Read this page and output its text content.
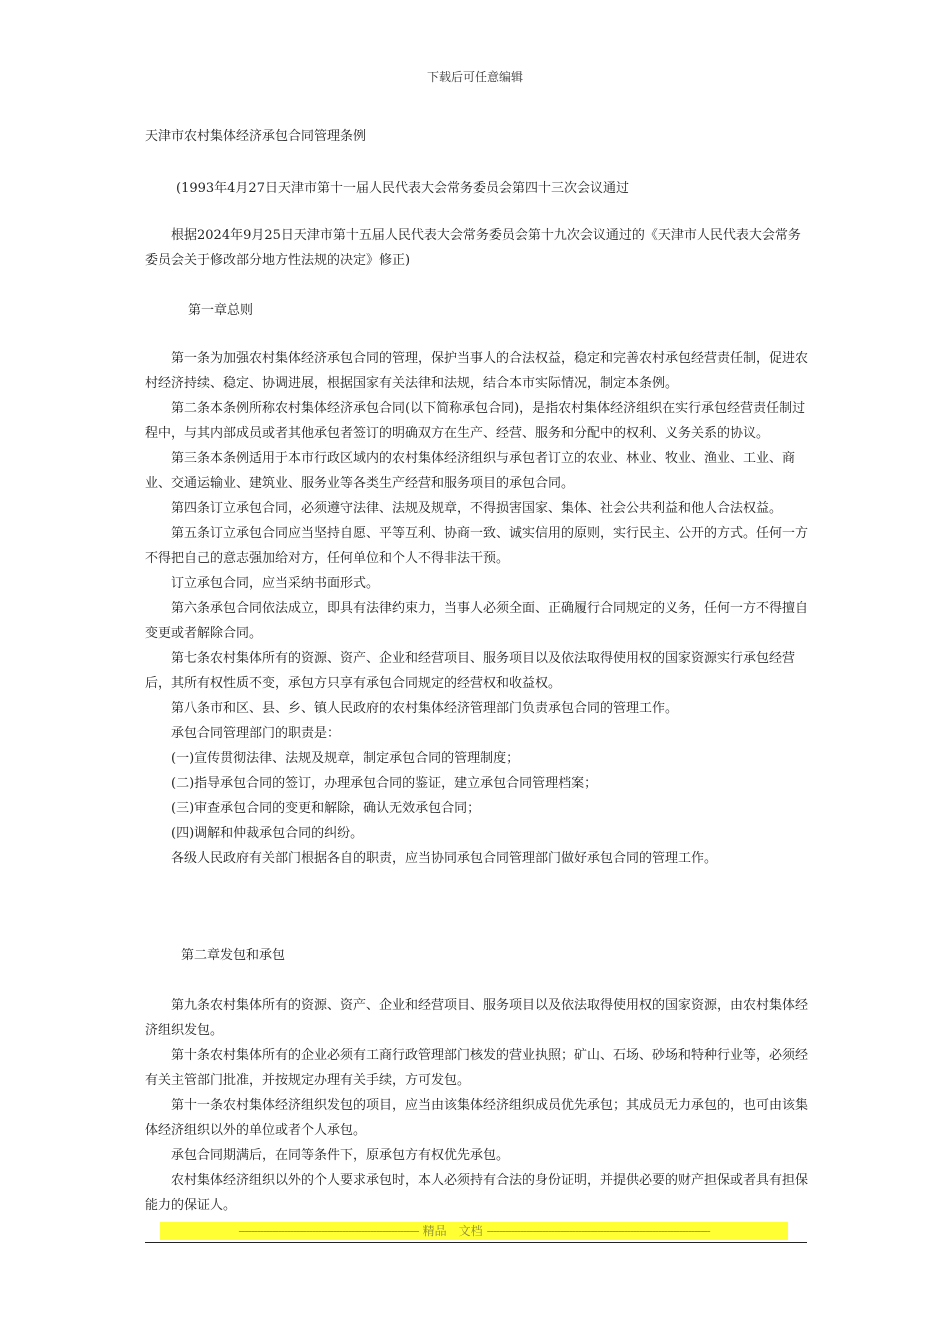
下载后可任意编辑
天津市农村集体经济承包合同管理条例

(1993年4月27日天津市第十一届人民代表大会常务委员会第四十三次会议通过

根据2024年9月25日天津市第十五届人民代表大会常务委员会第十九次会议通过的《天津市人民代表大会常务委员会关于修改部分地方性法规的决定》修正)

第一章总则

第一条为加强农村集体经济承包合同的管理，保护当事人的合法权益，稳定和完善农村承包经营责任制，促进农村经济持续、稳定、协调进展，根据国家有关法律和法规，结合本市实际情况，制定本条例。

第二条本条例所称农村集体经济承包合同(以下简称承包合同)，是指农村集体经济组织在实行承包经营责任制过程中，与其内部成员或者其他承包者签订的明确双方在生产、经营、服务和分配中的权利、义务关系的协议。

第三条本条例适用于本市行政区域内的农村集体经济组织与承包者订立的农业、林业、牧业、渔业、工业、商业、交通运输业、建筑业、服务业等各类生产经营和服务项目的承包合同。

第四条订立承包合同，必须遵守法律、法规及规章，不得损害国家、集体、社会公共利益和他人合法权益。

第五条订立承包合同应当坚持自愿、平等互利、协商一致、诚实信用的原则，实行民主、公开的方式。任何一方不得把自己的意志强加给对方，任何单位和个人不得非法干预。

订立承包合同，应当采纳书面形式。

第六条承包合同依法成立，即具有法律约束力，当事人必须全面、正确履行合同规定的义务，任何一方不得擅自变更或者解除合同。

第七条农村集体所有的资源、资产、企业和经营项目、服务项目以及依法取得使用权的国家资源实行承包经营后，其所有权性质不变，承包方只享有承包合同规定的经营权和收益权。

第八条市和区、县、乡、镇人民政府的农村集体经济管理部门负责承包合同的管理工作。

承包合同管理部门的职责是：

(一)宣传贯彻法律、法规及规章，制定承包合同的管理制度；

(二)指导承包合同的签订，办理承包合同的鉴证，建立承包合同管理档案；

(三)审查承包合同的变更和解除，确认无效承包合同；

(四)调解和仲裁承包合同的纠纷。

各级人民政府有关部门根据各自的职责，应当协同承包合同管理部门做好承包合同的管理工作。

第二章发包和承包

第九条农村集体所有的资源、资产、企业和经营项目、服务项目以及依法取得使用权的国家资源，由农村集体经济组织发包。

第十条农村集体所有的企业必须有工商行政管理部门核发的营业执照；矿山、石场、砂场和特种行业等，必须经有关主管部门批准，并按规定办理有关手续，方可发包。

第十一条农村集体经济组织发包的项目，应当由该集体经济组织成员优先承包；其成员无力承包的，也可由该集体经济组织以外的单位或者个人承包。

承包合同期满后，在同等条件下，原承包方有权优先承包。

农村集体经济组织以外的个人要求承包时，本人必须持有合法的身份证明，并提供必要的财产担保或者具有担保能力的保证人。

----------------------------------------------------------- 精品　文档 -------------------------------------------------------------------------
